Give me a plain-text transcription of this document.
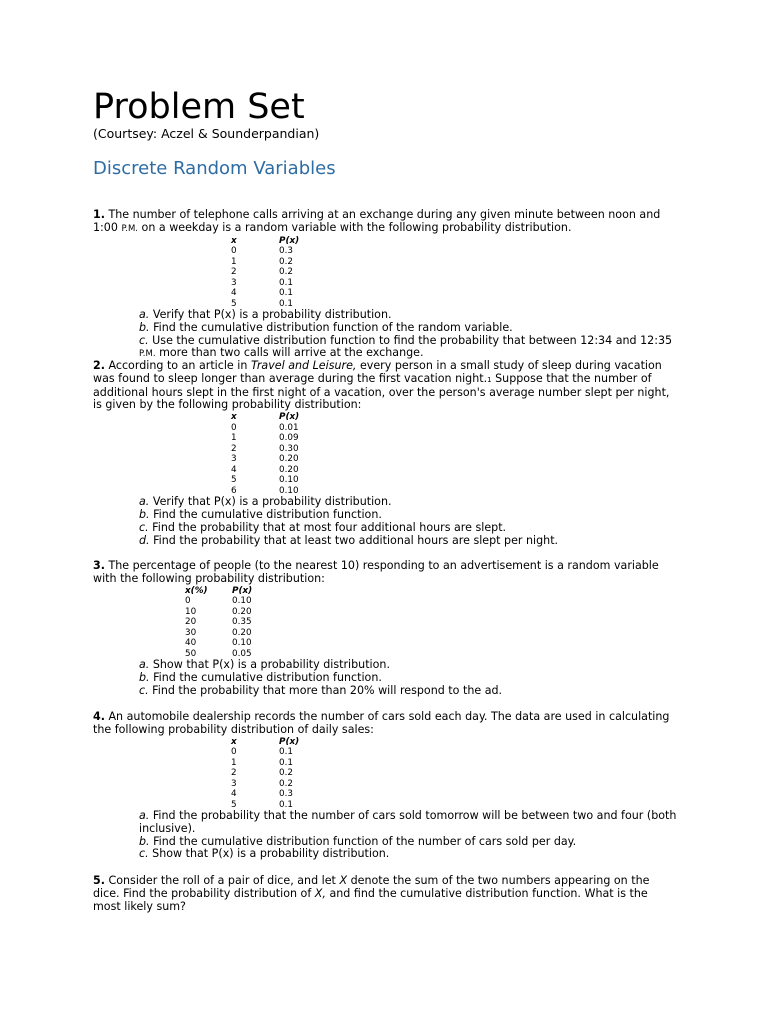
Problem Set
(Courtsey: Aczel & Sounderpandian)
Discrete Random Variables

1. The number of telephone calls arriving at an exchange during any given minute between noon and 1:00 P.M. on a weekday is a random variable with the following probability distribution.

x	P(x)
0	0.3
1	0.2
2	0.2
3	0.1
4	0.1
5	0.1
a. Verify that P(x) is a probability distribution.
b. Find the cumulative distribution function of the random variable.
c. Use the cumulative distribution function to find the probability that between 12:34 and 12:35 P.M. more than two calls will arrive at the exchange.

2. According to an article in Travel and Leisure, every person in a small study of sleep during vacation was found to sleep longer than average during the first vacation night.1 Suppose that the number of additional hours slept in the first night of a vacation, over the person's average number slept per night, is given by the following probability distribution:

x	P(x)
0	0.01
1	0.09
2	0.30
3	0.20
4	0.20
5	0.10
6	0.10
a. Verify that P(x) is a probability distribution.
b. Find the cumulative distribution function.
c. Find the probability that at most four additional hours are slept.
d. Find the probability that at least two additional hours are slept per night.

3. The percentage of people (to the nearest 10) responding to an advertisement is a random variable with the following probability distribution:

x(%)	P(x)
0	0.10
10	0.20
20	0.35
30	0.20
40	0.10
50	0.05
a. Show that P(x) is a probability distribution.
b. Find the cumulative distribution function.
c. Find the probability that more than 20% will respond to the ad.

4. An automobile dealership records the number of cars sold each day. The data are used in calculating the following probability distribution of daily sales:

x	P(x)
0	0.1
1	0.1
2	0.2
3	0.2
4	0.3
5	0.1
a. Find the probability that the number of cars sold tomorrow will be between two and four (both inclusive).
b. Find the cumulative distribution function of the number of cars sold per day.
c. Show that P(x) is a probability distribution.

5. Consider the roll of a pair of dice, and let X denote the sum of the two numbers appearing on the dice. Find the probability distribution of X, and find the cumulative distribution function. What is the most likely sum?
